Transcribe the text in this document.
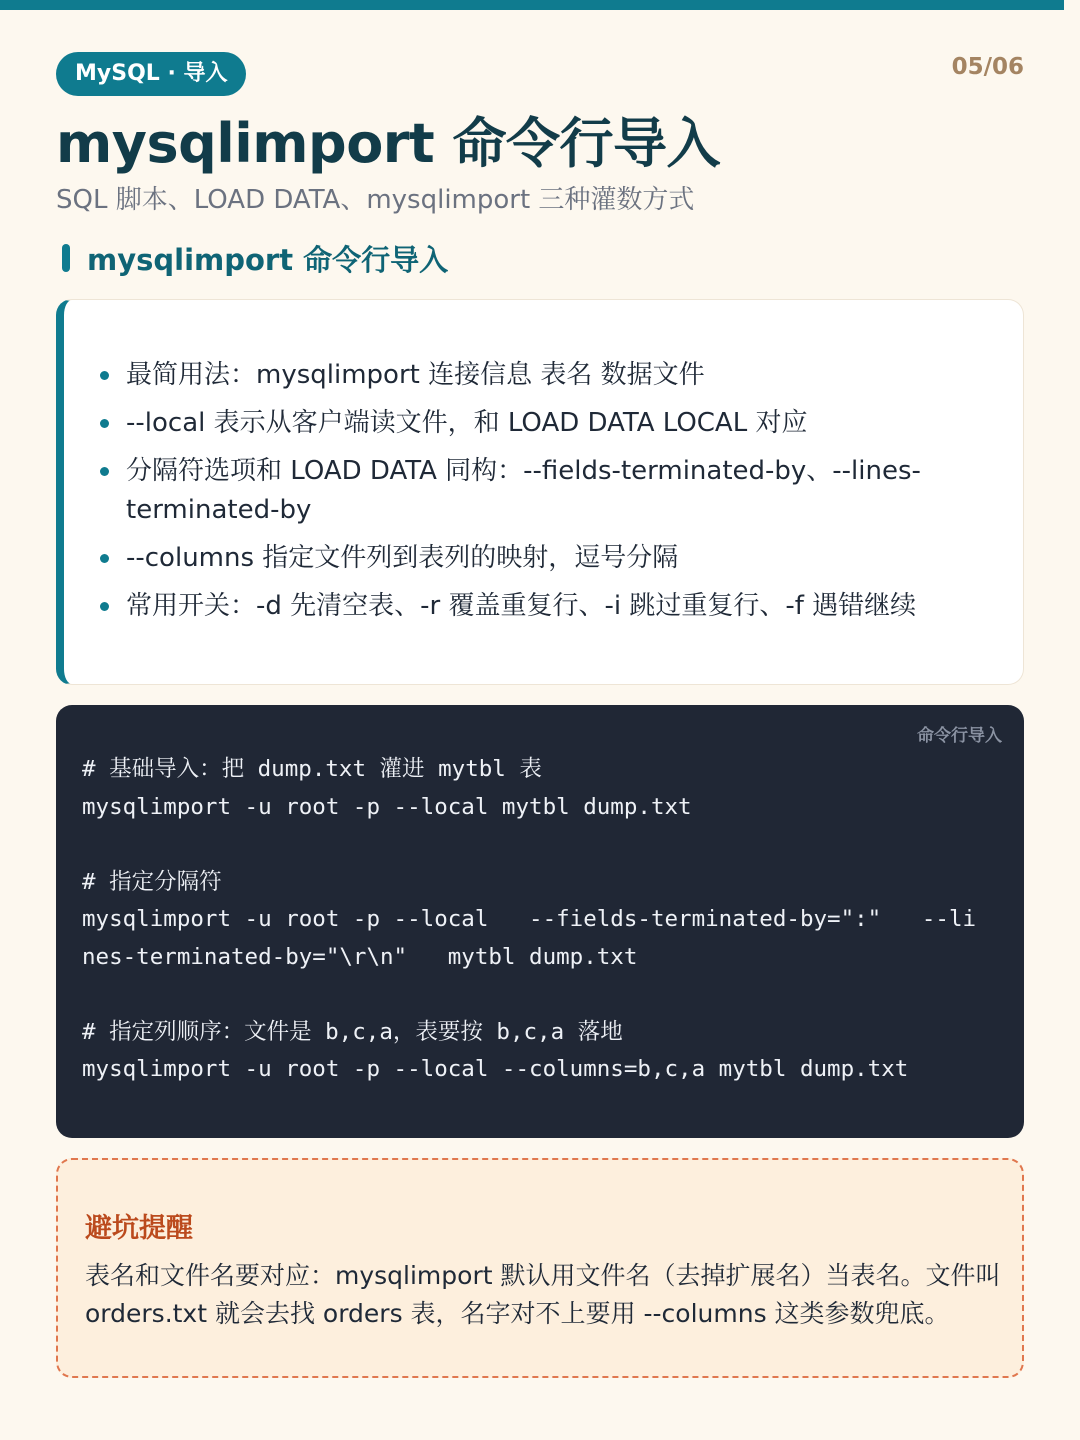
MySQL · 导入	05/06
mysqlimport 命令行导入
SQL 脚本、LOAD DATA、mysqlimport 三种灌数方式
mysqlimport 命令行导入
最简用法：mysqlimport 连接信息 表名 数据文件
--local 表示从客户端读文件，和 LOAD DATA LOCAL 对应
分隔符选项和 LOAD DATA 同构：--fields-terminated-by、--lines-terminated-by
--columns 指定文件列到表列的映射，逗号分隔
常用开关：-d 先清空表、-r 覆盖重复行、-i 跳过重复行、-f 遇错继续
命令行导入
# 基础导入：把 dump.txt 灌进 mytbl 表
mysqlimport -u root -p --local mytbl dump.txt

# 指定分隔符
mysqlimport -u root -p --local   --fields-terminated-by=":"   --li
nes-terminated-by="\r\n"   mytbl dump.txt

# 指定列顺序：文件是 b,c,a，表要按 b,c,a 落地
mysqlimport -u root -p --local --columns=b,c,a mytbl dump.txt
避坑提醒
表名和文件名要对应：mysqlimport 默认用文件名（去掉扩展名）当表名。文件叫 orders.txt 就会去找 orders 表，名字对不上要用 --columns 这类参数兜底。
